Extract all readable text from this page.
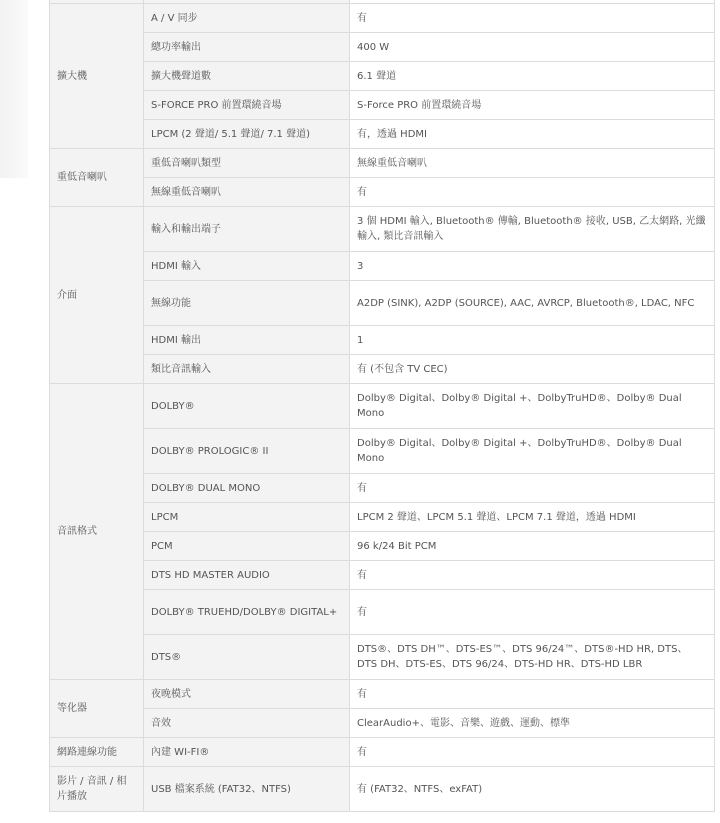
擴大機	A / V 同步	有
	總功率輸出	400 W
	擴大機聲道數	6.1 聲道
	S-FORCE PRO 前置環繞音場	S-Force PRO 前置環繞音場
	LPCM (2 聲道/ 5.1 聲道/ 7.1 聲道)	有，透過 HDMI
重低音喇叭	重低音喇叭類型	無線重低音喇叭
	無線重低音喇叭	有
介面	輸入和輸出端子	3 個 HDMI 輸入, Bluetooth® 傳輸, Bluetooth® 接收, USB, 乙太網路, 光纖輸入, 類比音訊輸入
	HDMI 輸入	3
	無線功能	A2DP (SINK), A2DP (SOURCE), AAC, AVRCP, Bluetooth®, LDAC, NFC
	HDMI 輸出	1
	類比音訊輸入	有 (不包含 TV CEC)
音訊格式	DOLBY®	Dolby® Digital、Dolby® Digital +、DolbyTruHD®、Dolby® Dual Mono
	DOLBY® PROLOGIC® II	Dolby® Digital、Dolby® Digital +、DolbyTruHD®、Dolby® Dual Mono
	DOLBY® DUAL MONO	有
	LPCM	LPCM 2 聲道、LPCM 5.1 聲道、LPCM 7.1 聲道，透過 HDMI
	PCM	96 k/24 Bit PCM
	DTS HD MASTER AUDIO	有
	DOLBY® TRUEHD/DOLBY® DIGITAL+	有
	DTS®	DTS®、DTS DH™、DTS-ES™、DTS 96/24™、DTS®-HD HR, DTS、DTS DH、DTS-ES、DTS 96/24、DTS-HD HR、DTS-HD LBR
等化器	夜晚模式	有
	音效	ClearAudio+、電影、音樂、遊戲、運動、標準
網路連線功能	內建 WI-FI®	有
影片 / 音訊 / 相片播放	USB 檔案系統 (FAT32、NTFS)	有 (FAT32、NTFS、exFAT)
